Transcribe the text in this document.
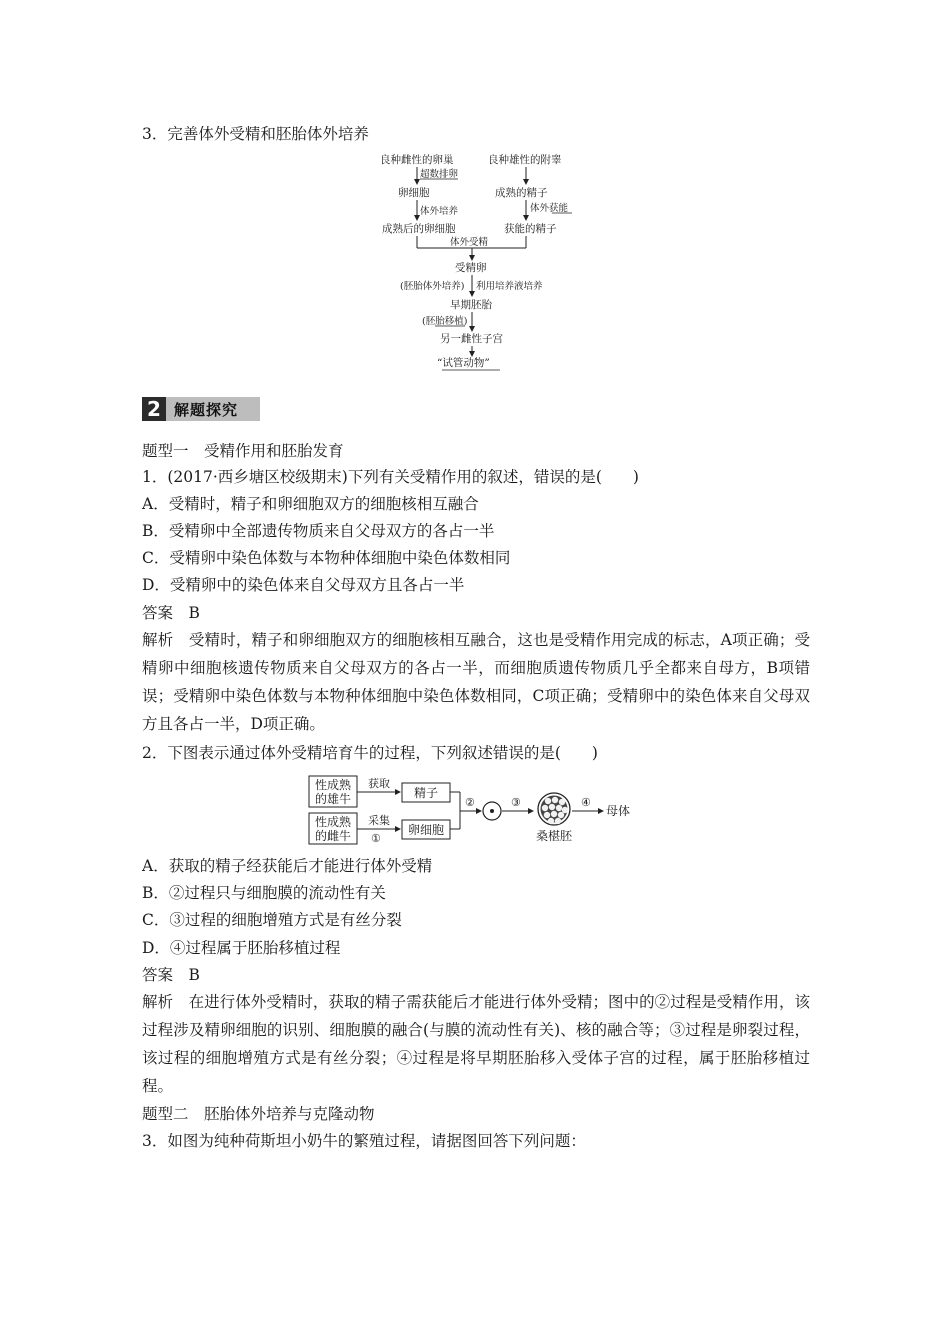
3．完善体外受精和胚胎体外培养
良种雌性的卵巢	良种雄性的附睾
超数排卵
卵细胞	成熟的精子
体外培养	体外获能
成熟后的卵细胞	获能的精子
体外受精
受精卵
(胚胎体外培养) 利用培养液培养
早期胚胎
(胚胎移植)
另一雌性子宫
“试管动物”
2 解题探究
题型一　受精作用和胚胎发育
1．(2017·西乡塘区校级期末)下列有关受精作用的叙述，错误的是(　　)
A．受精时，精子和卵细胞双方的细胞核相互融合
B．受精卵中全部遗传物质来自父母双方的各占一半
C．受精卵中染色体数与本物种体细胞中染色体数相同
D．受精卵中的染色体来自父母双方且各占一半
答案　B
解析　受精时，精子和卵细胞双方的细胞核相互融合，这也是受精作用完成的标志，A项正确；受精卵中细胞核遗传物质来自父母双方的各占一半，而细胞质遗传物质几乎全都来自母方，B项错误；受精卵中染色体数与本物种体细胞中染色体数相同，C项正确；受精卵中的染色体来自父母双方且各占一半，D项正确。
2．下图表示通过体外受精培育牛的过程，下列叙述错误的是(　　)
性成熟
的雄牛
性成熟
的雌牛
获取
采集
①
精子
卵细胞
②	③
桑椹胚
④
母体
A．获取的精子经获能后才能进行体外受精
B．②过程只与细胞膜的流动性有关
C．③过程的细胞增殖方式是有丝分裂
D．④过程属于胚胎移植过程
答案　B
解析　在进行体外受精时，获取的精子需获能后才能进行体外受精；图中的②过程是受精作用，该过程涉及精卵细胞的识别、细胞膜的融合(与膜的流动性有关)、核的融合等；③过程是卵裂过程，该过程的细胞增殖方式是有丝分裂；④过程是将早期胚胎移入受体子宫的过程，属于胚胎移植过程。
题型二　胚胎体外培养与克隆动物
3．如图为纯种荷斯坦小奶牛的繁殖过程，请据图回答下列问题：
